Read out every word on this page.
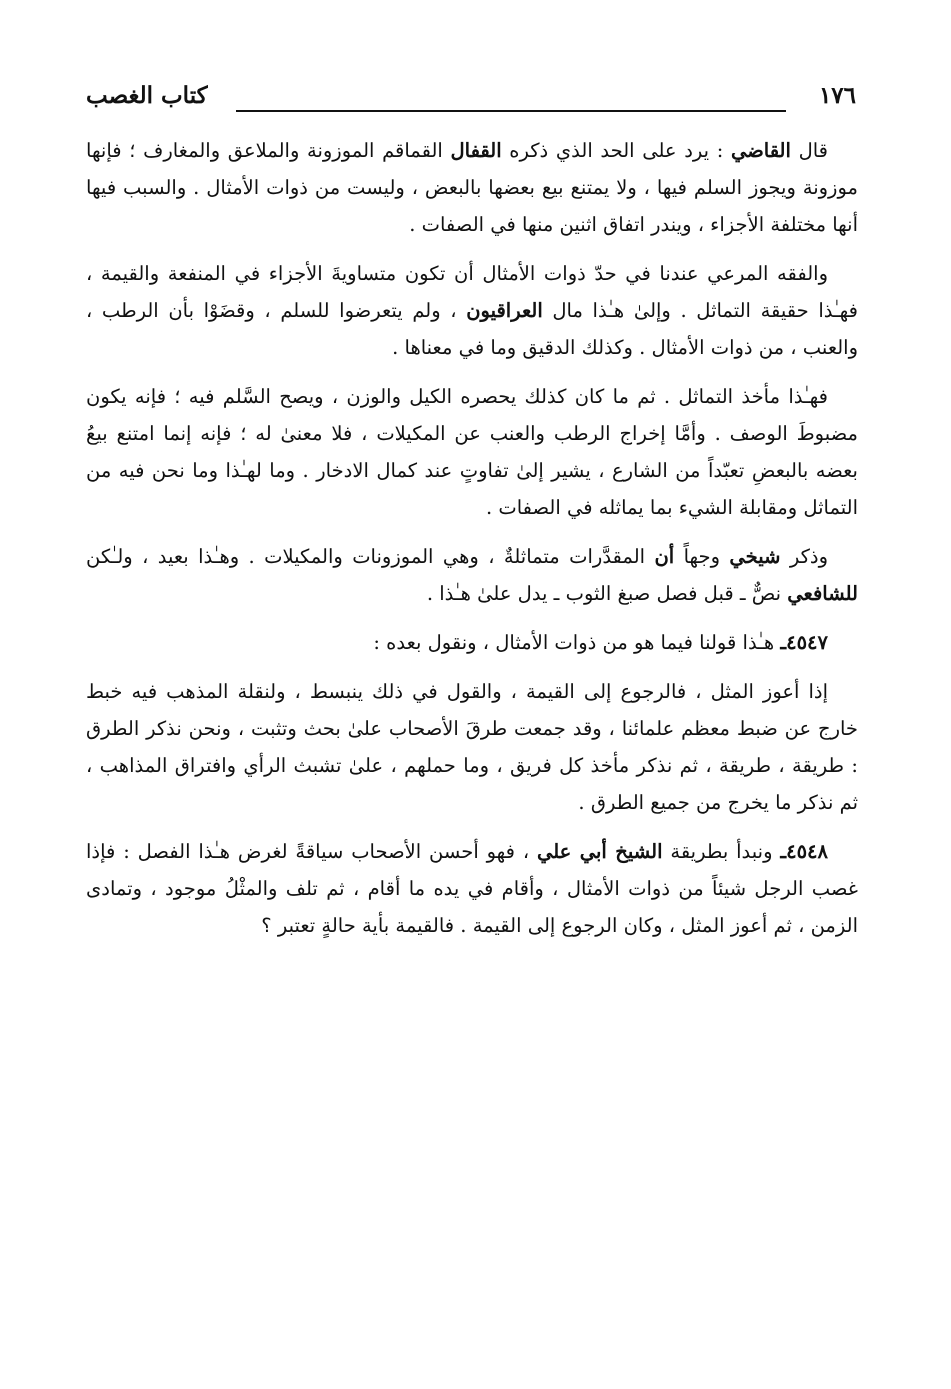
١٧٦
كتاب الغصب

قال القاضي : يرد على الحد الذي ذكره القفال القماقم الموزونة والملاعق والمغارف ؛ فإنها موزونة ويجوز السلم فيها ، ولا يمتنع بيع بعضها بالبعض ، وليست من ذوات الأمثال . والسبب فيها أنها مختلفة الأجزاء ، ويندر اتفاق اثنين منها في الصفات .

والفقه المرعي عندنا في حدّ ذوات الأمثال أن تكون متساويةَ الأجزاء في المنفعة والقيمة ، فهـٰذا حقيقة التماثل . وإلىٰ هـٰذا مال العراقيون ، ولم يتعرضوا للسلم ، وقضَوْا بأن الرطب ، والعنب ، من ذوات الأمثال . وكذلك الدقيق وما في معناها .

فهـٰذا مأخذ التماثل . ثم ما كان كذلك يحصره الكيل والوزن ، ويصح السَّلم فيه ؛ فإنه يكون مضبوطَ الوصف . وأمَّا إخراج الرطب والعنب عن المكيلات ، فلا معنىٰ له ؛ فإنه إنما امتنع بيعُ بعضه بالبعضِ تعبّداً من الشارع ، يشير إلىٰ تفاوتٍ عند كمال الادخار . وما لهـٰذا وما نحن فيه من التماثل ومقابلة الشيء بما يماثله في الصفات .

وذكر شيخي وجهاً أن المقدَّرات متماثلةٌ ، وهي الموزونات والمكيلات . وهـٰذا بعيد ، ولـٰكن للشافعي نصٌّ ـ قبل فصل صبغ الثوب ـ يدل علىٰ هـٰذا .

٤٥٤٧ـ هـٰذا قولنا فيما هو من ذوات الأمثال ، ونقول بعده :

إذا أعوز المثل ، فالرجوع إلى القيمة ، والقول في ذلك ينبسط ، ولنقلة المذهب فيه خبط خارج عن ضبط معظم علمائنا ، وقد جمعت طرقَ الأصحاب علىٰ بحث وتثبت ، ونحن نذكر الطرق : طريقة ، طريقة ، ثم نذكر مأخذ كل فريق ، وما حملهم ، علىٰ تشبث الرأي وافتراق المذاهب ، ثم نذكر ما يخرج من جميع الطرق .

٤٥٤٨ـ ونبدأ بطريقة الشيخ أبي علي ، فهو أحسن الأصحاب سياقةً لغرض هـٰذا الفصل : فإذا غصب الرجل شيئاً من ذوات الأمثال ، وأقام في يده ما أقام ، ثم تلف والمثْلُ موجود ، وتمادى الزمن ، ثم أعوز المثل ، وكان الرجوع إلى القيمة . فالقيمة بأية حالةٍ تعتبر ؟
